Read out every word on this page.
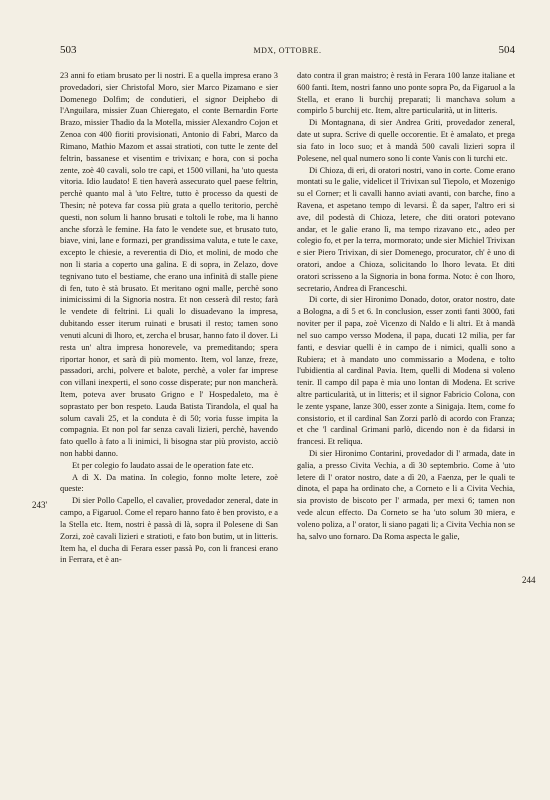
503	MDX, OTTOBRE.	504
243'
244

23 anni fo etiam brusato per li nostri. E a quella impresa erano 3 provedadori, sier Christofal Moro, sier Marco Pizamano e sier Domenego Dolfim; de condutieri, el signor Deiphebo di l'Anguilara, missier Zuan Chieregato, el conte Bernardin Forte Brazo, missier Thadio da la Motella, missier Alexandro Cojon et Zenoa con 400 fioriti provisionati, Antonio di Fabri, Marco da Rimano, Mathio Mazom et assai stratioti, con tutte le zente del feltrin, bassanese et visentim e trivixan; e hora, con si pocha zente, zoè 40 cavali, solo tre capi, et 1500 villani, ha 'uto questa vitoria. Idio laudato! E tien haverà assecurato quel paese feltrin, perchè quanto mal à 'uto Feltre, tutto è processo da questi de Thesin; nè poteva far cossa più grata a quello teritorio, perchè questi, non solum li hanno brusati e toltoli le robe, ma li hanno anche sforzà le femine. Ha fato le vendete sue, et brusato tuto, biave, vini, lane e formazi, per grandissima valuta, e tute le caxe, excepto le chiesie, a reverentia di Dio, et molini, de modo che non li staria a coperto una galina. E di sopra, in Zelazo, dove tegnivano tuto el bestiame, che erano una infinità di stalle piene di fen, tuto è stà brusato. Et meritano ogni malle, perchè sono inimicissimi di la Signoria nostra. Et non cesserà dil resto; farà le vendete di feltrini. Li quali lo disuadevano la impresa, dubitando esser iterum ruinati e brusati il resto; tamen sono venuti alcuni di lhoro, et, zercha el brusar, hanno fato il dover. Li resta un' altra impresa honorevele, va premeditando; spera riportar honor, et sarà di più momento. Item, vol lanze, freze, passadori, archi, polvere et balote, perchè, a voler far imprese con villani inexperti, el sono cosse disperate; pur non mancherà. Item, poteva aver brusato Grigno e l' Hospedaleto, ma è soprastato per bon respeto. Lauda Batista Tirandola, el qual ha solum cavali 25, et la conduta è di 50; voria fusse impita la compagnia. Et non pol far senza cavali lizieri, perchè, havendo fato quello à fato a li inimici, li bisogna star più provisto, acciò non habbi danno.

Et per colegio fo laudato assai de le operation fate etc.

A dì X. Da matina. In colegio, fonno molte letere, zoè queste:

Di sier Pollo Capello, el cavalier, provedador zeneral, date in campo, a Figaruol. Come el reparo hanno fato è ben provisto, e a la Stella etc. Item, nostri è passà di là, sopra il Polesene di San Zorzi, zoè cavali lizieri e stratioti, e fato bon butim, ut in litteris. Item ha, el ducha di Ferara esser passà Po, con li francesi erano in Ferrara, et è an-

dato contra il gran maistro; è restà in Ferara 100 lanze italiane et 600 fanti. Item, nostri fanno uno ponte sopra Po, da Figaruol a la Stella, et erano li burchij preparati; li manchava solum a compirlo 5 burchij etc. Item, altre particularità, ut in litteris.

Di Montagnana, di sier Andrea Griti, provedador zeneral, date ut supra. Scrive di quelle occorentie. Et è amalato, et prega sia fato in loco suo; et à mandà 500 cavali lizieri sopra il Polesene, nel qual numero sono li conte Vanis con li turchi etc.

Di Chioza, di eri, di oratori nostri, vano in corte. Come erano montati su le galie, videlicet il Trivixan sul Tiepolo, et Mozenigo su el Corner; et li cavalli hanno aviati avanti, con barche, fino a Ravena, et aspetano tempo di levarsi. È da saper, l'altro eri si ave, dil podestà di Chioza, letere, che diti oratori potevano andar, et le galie erano lì, ma tempo rizavano etc., adeo per colegio fo, et per la terra, mormorato; unde sier Michiel Trivixan e sier Piero Trivixan, di sier Domenego, procurator, ch' è uno di oratori, andoe a Chioza, solicitando lo lhoro levata. Et diti oratori scrisseno a la Signoria in bona forma. Noto: è con lhoro, secretario, Andrea di Franceschi.

Di corte, di sier Hironimo Donado, dotor, orator nostro, date a Bologna, a dì 5 et 6. In conclusion, esser zonti fanti 3000, fati noviter per il papa, zoè Vicenzo di Naldo e li altri. Et à mandà nel suo campo versso Modena, il papa, ducati 12 milia, per far fanti, e desviar quelli è in campo de i nimici, qualli sono a Rubiera; et à mandato uno commissario a Modena, e tolto l'ubidientia al cardinal Pavia. Item, quelli di Modena si voleno tenir. Il campo dil papa è mia uno lontan di Modena. Et scrive altre particularità, ut in litteris; et il signor Fabricio Colona, con le zente yspane, lanze 300, esser zonte a Sinigaja. Item, come fo consistorio, et il cardinal San Zorzi parlò di acordo con Franza; et che 'l cardinal Grimani parlò, dicendo non è da fidarsi in francesi. Et reliqua.

Di sier Hironimo Contarini, provedador di l' armada, date in galia, a presso Civita Vechia, a dì 30 septembrio. Come à 'uto letere di l' orator nostro, date a dì 20, a Faenza, per le quali te dinota, el papa ha ordinato che, a Corneto e li a Civita Vechia, sia provisto de biscoto per l' armada, per mexi 6; tamen non vede alcun effecto. Da Corneto se ha 'uto solum 30 miera, e voleno poliza, a l' orator, li siano pagati li; a Civita Vechia non se ha, salvo uno fornaro. Da Roma aspecta le galie,
